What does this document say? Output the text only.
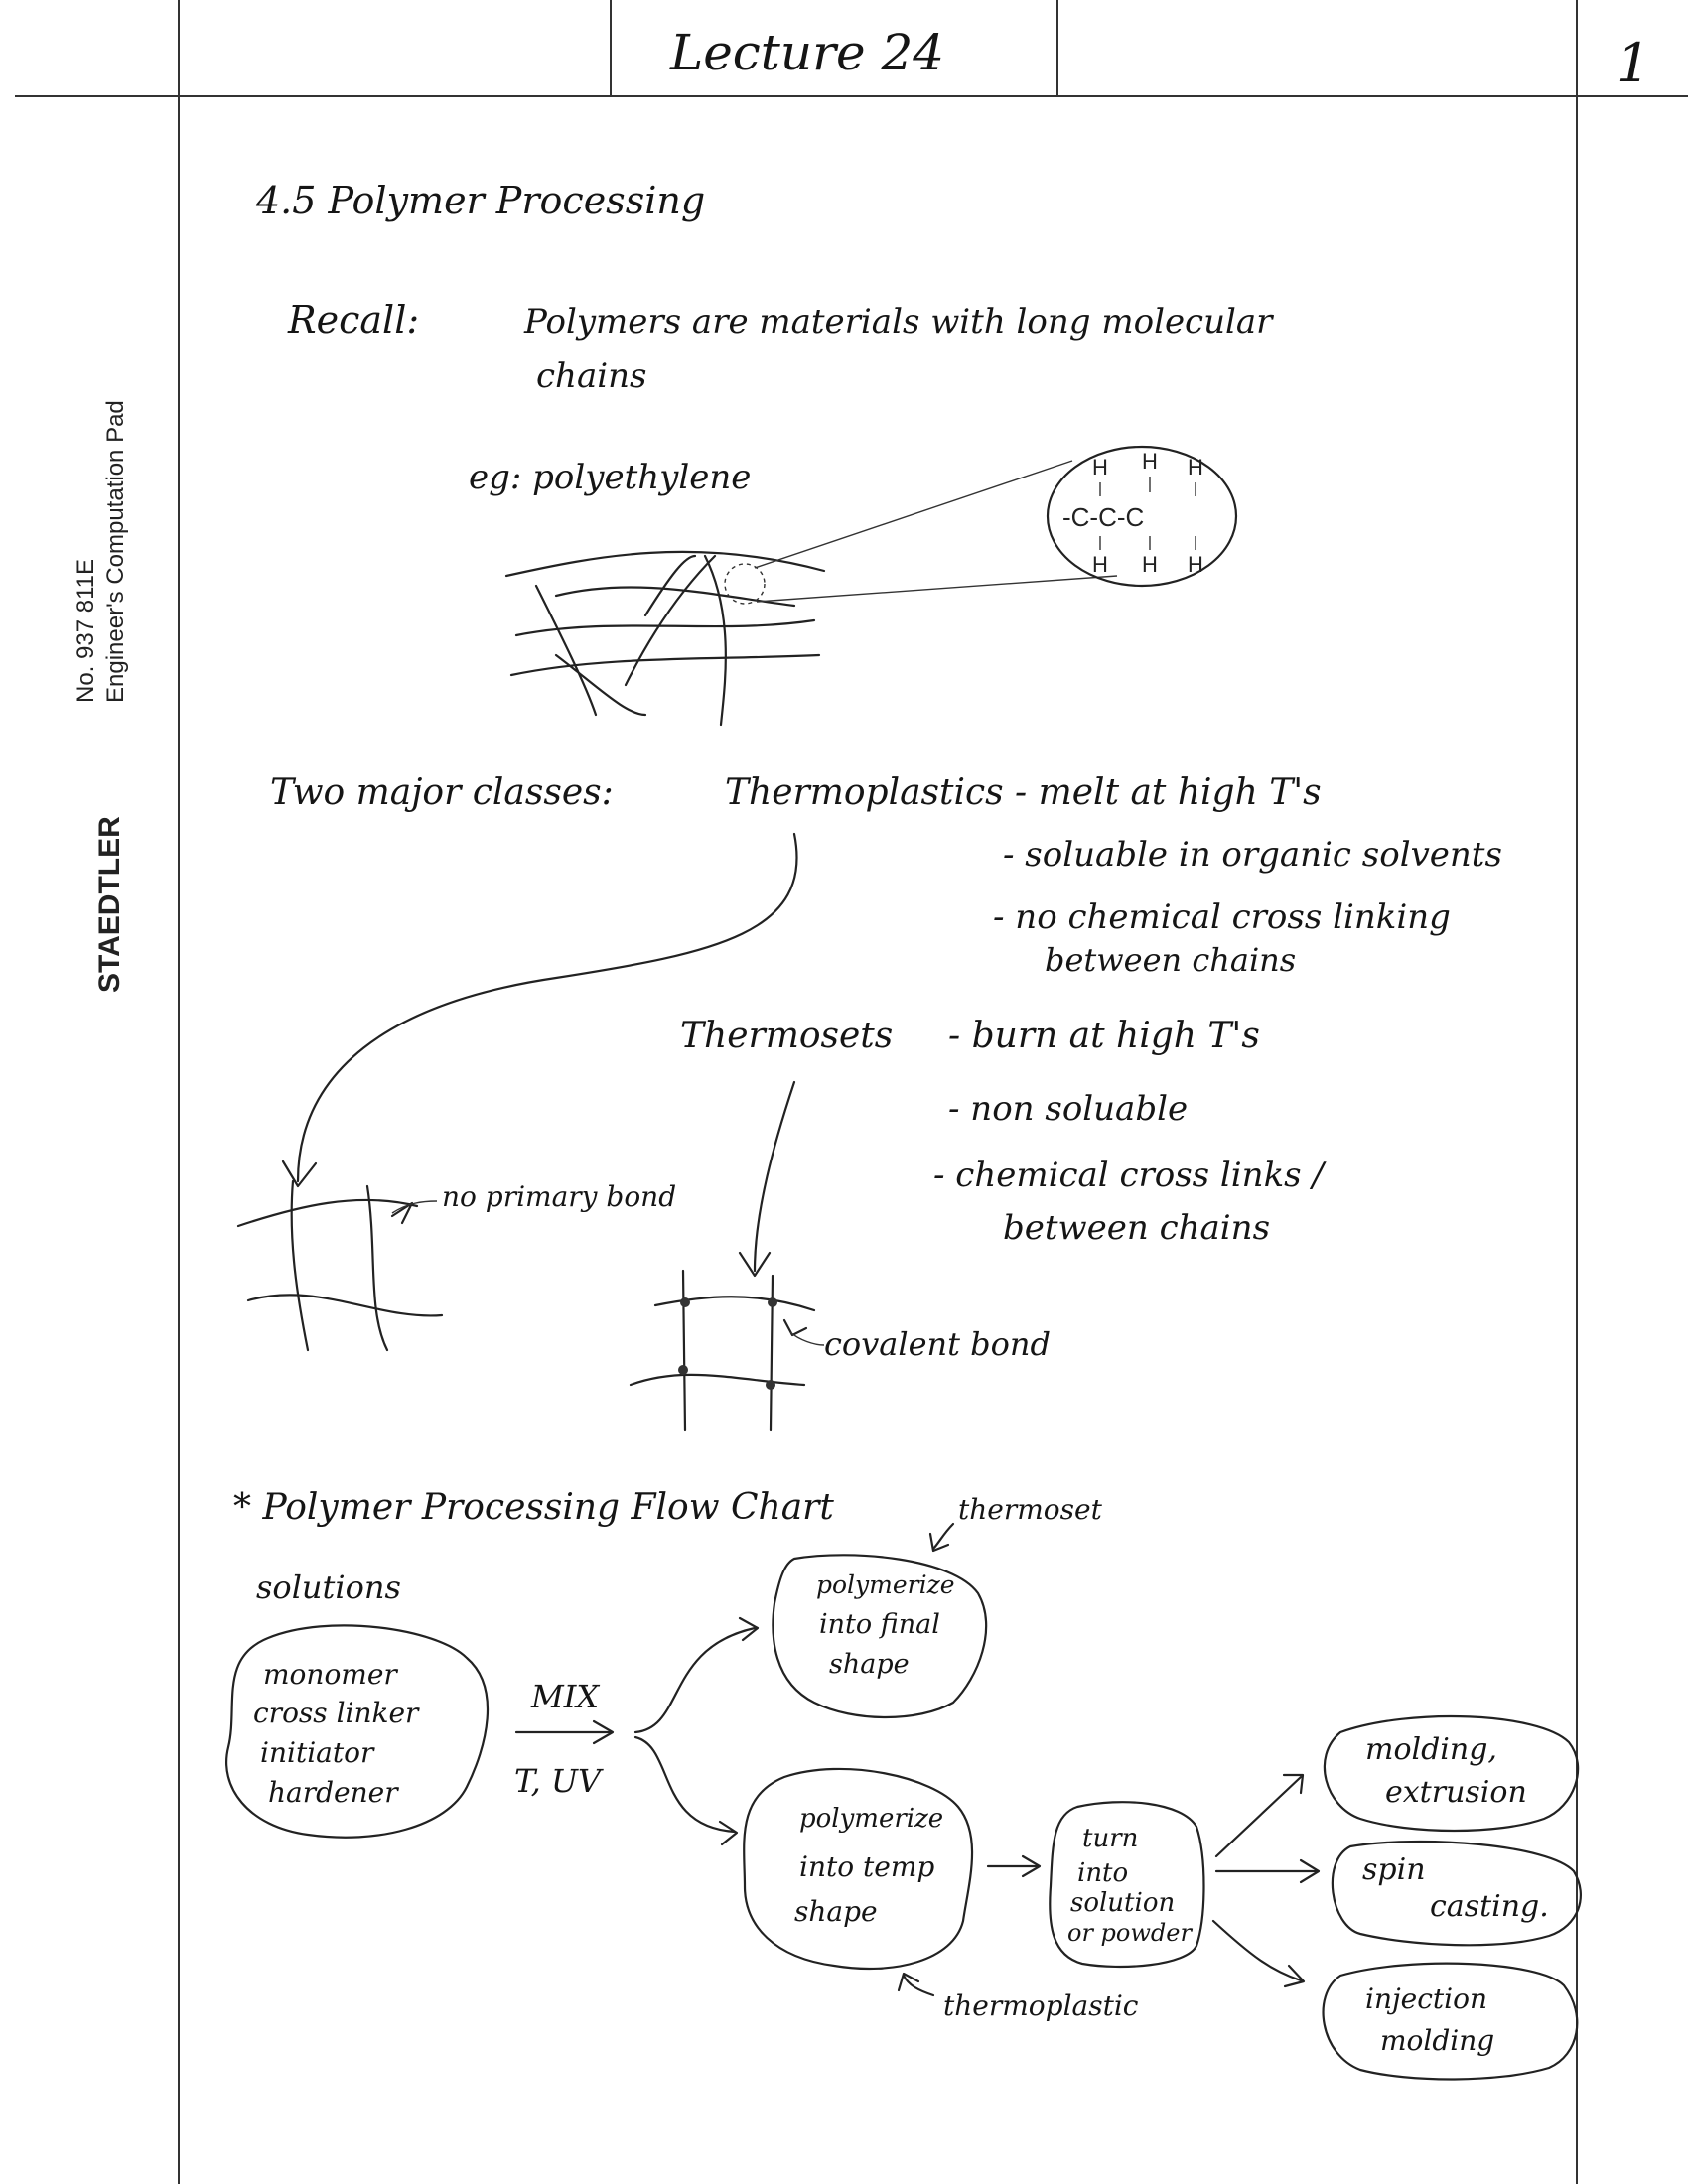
Lecture 24	1
STAEDTLER
No. 937 811E Engineer's Computation Pad
4.5 Polymer Processing
Recall:	Polymers are materials with long molecular
chains
eg: polyethylene	H H H
-C-C-C
H H H
Two major classes:	Thermoplastics - melt at high T's
- soluable in organic solvents
- no chemical cross linking
between chains
Thermosets - burn at high T's
- non soluable
- chemical cross links /
between chains
no primary bond
covalent bond
* Polymer Processing Flow Chart	thermoset
solutions
monomer
cross linker
initiator
hardener
MIX
T, UV
polymerize
into final
shape
polymerize
into temp
shape
thermoplastic
turn
into
solution
or powder
molding,
extrusion
spin
casting.
injection
molding
